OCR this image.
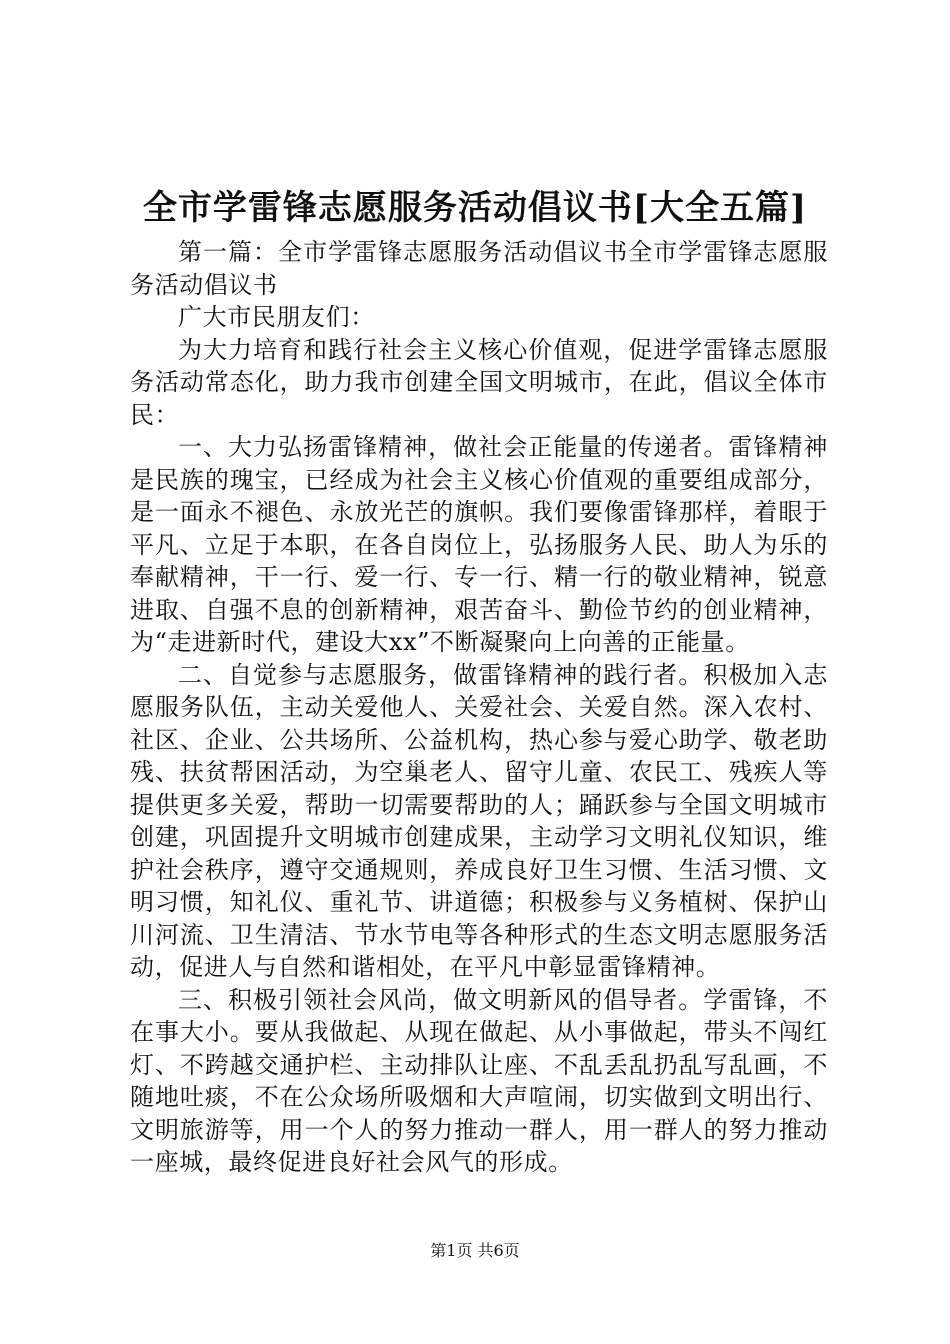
全市学雷锋志愿服务活动倡议书[大全五篇]

第一篇：全市学雷锋志愿服务活动倡议书全市学雷锋志愿服务活动倡议书

广大市民朋友们：

为大力培育和践行社会主义核心价值观，促进学雷锋志愿服务活动常态化，助力我市创建全国文明城市，在此，倡议全体市民：

一、大力弘扬雷锋精神，做社会正能量的传递者。雷锋精神是民族的瑰宝，已经成为社会主义核心价值观的重要组成部分，是一面永不褪色、永放光芒的旗帜。我们要像雷锋那样，着眼于平凡、立足于本职，在各自岗位上，弘扬服务人民、助人为乐的奉献精神，干一行、爱一行、专一行、精一行的敬业精神，锐意进取、自强不息的创新精神，艰苦奋斗、勤俭节约的创业精神，为“走进新时代，建设大xx”不断凝聚向上向善的正能量。

二、自觉参与志愿服务，做雷锋精神的践行者。积极加入志愿服务队伍，主动关爱他人、关爱社会、关爱自然。深入农村、社区、企业、公共场所、公益机构，热心参与爱心助学、敬老助残、扶贫帮困活动，为空巢老人、留守儿童、农民工、残疾人等提供更多关爱，帮助一切需要帮助的人；踊跃参与全国文明城市创建，巩固提升文明城市创建成果，主动学习文明礼仪知识，维护社会秩序，遵守交通规则，养成良好卫生习惯、生活习惯、文明习惯，知礼仪、重礼节、讲道德；积极参与义务植树、保护山川河流、卫生清洁、节水节电等各种形式的生态文明志愿服务活动，促进人与自然和谐相处，在平凡中彰显雷锋精神。

三、积极引领社会风尚，做文明新风的倡导者。学雷锋，不在事大小。要从我做起、从现在做起、从小事做起，带头不闯红灯、不跨越交通护栏、主动排队让座、不乱丢乱扔乱写乱画，不随地吐痰，不在公众场所吸烟和大声喧闹，切实做到文明出行、文明旅游等，用一个人的努力推动一群人，用一群人的努力推动一座城，最终促进良好社会风气的形成。

第1页 共6页
